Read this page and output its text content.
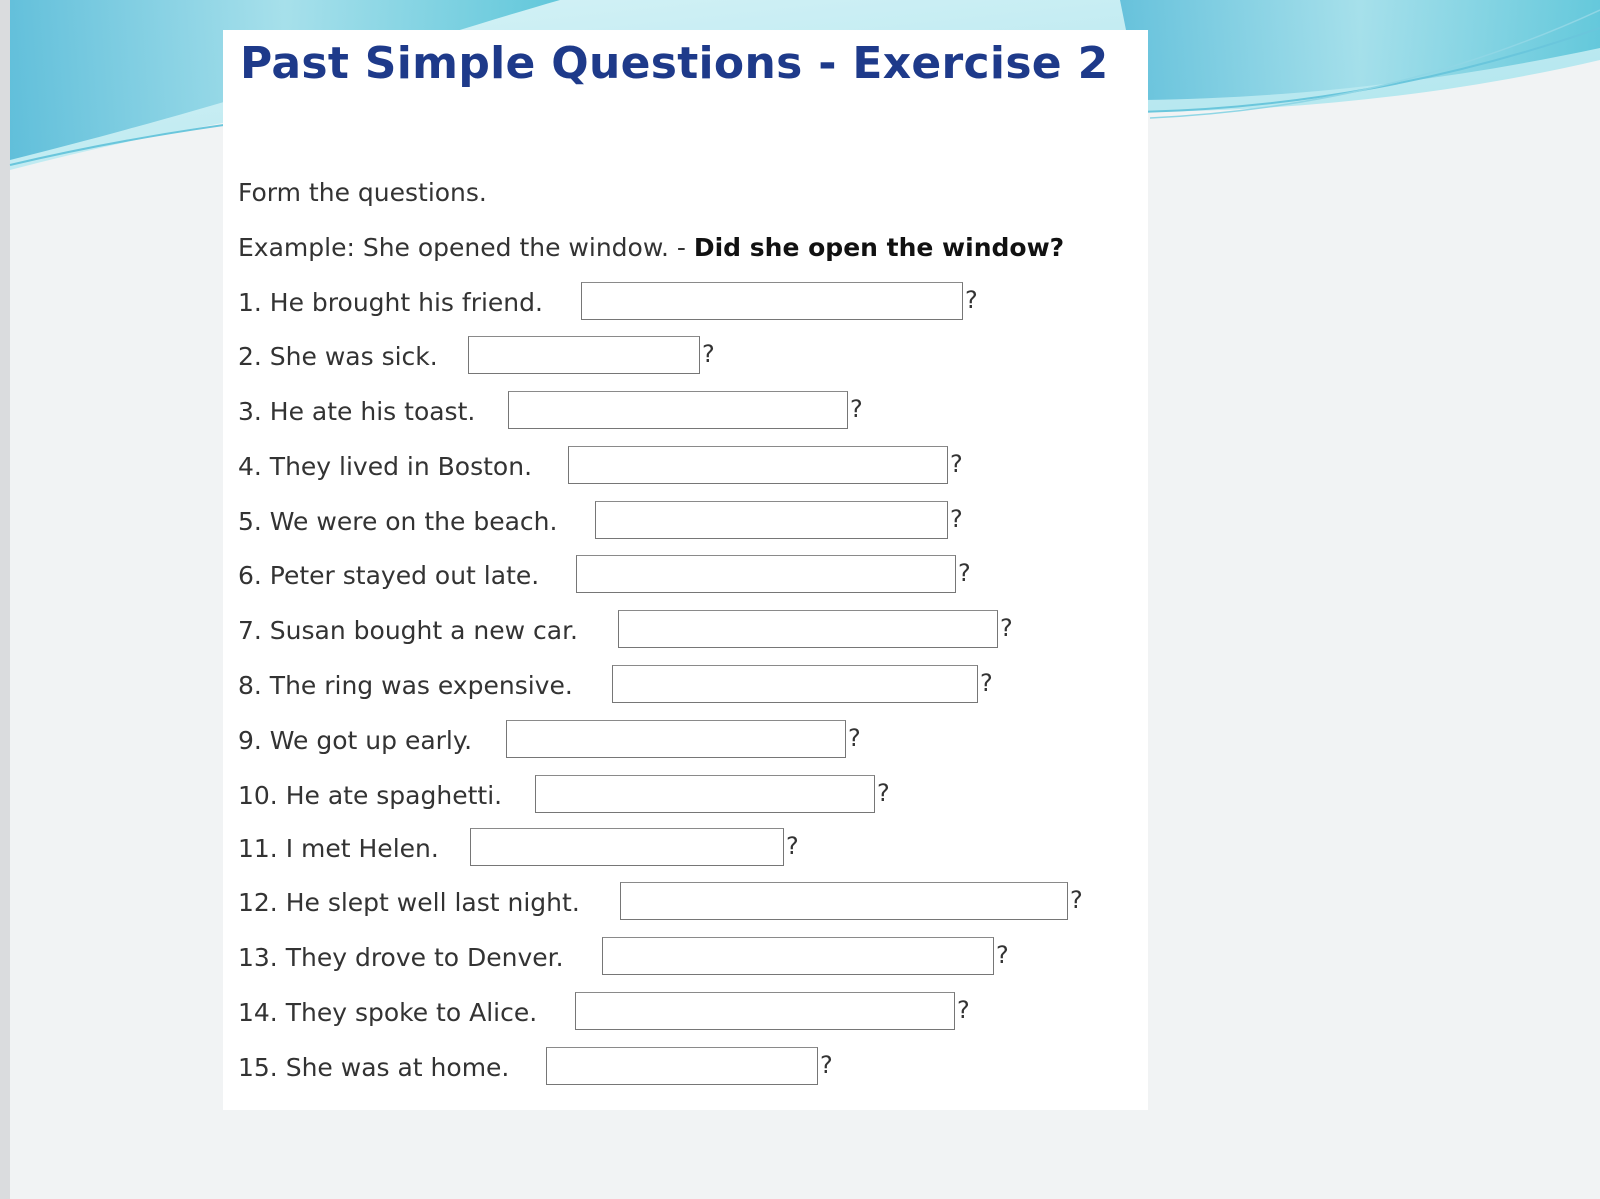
Past Simple Questions - Exercise 2
Form the questions.
Example: She opened the window. - Did she open the window?
1. He brought his friend.	?
2. She was sick.	?
3. He ate his toast.	?
4. They lived in Boston.	?
5. We were on the beach.	?
6. Peter stayed out late.	?
7. Susan bought a new car.	?
8. The ring was expensive.	?
9. We got up early.	?
10. He ate spaghetti.	?
11. I met Helen.	?
12. He slept well last night.	?
13. They drove to Denver.	?
14. They spoke to Alice.	?
15. She was at home.	?
